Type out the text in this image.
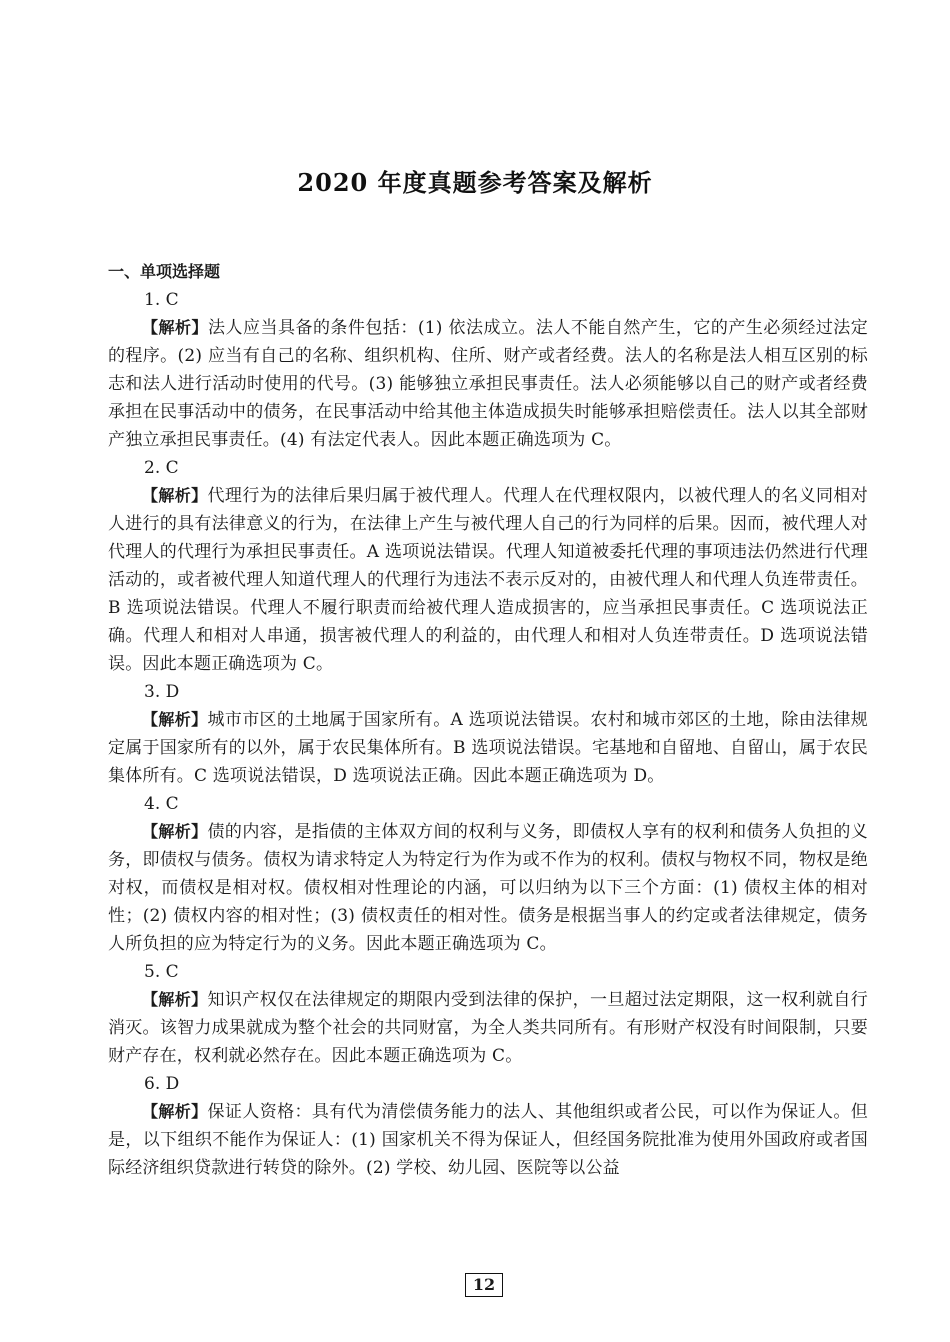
2020 年度真题参考答案及解析
一、单项选择题
1. C

【解析】法人应当具备的条件包括：(1) 依法成立。法人不能自然产生，它的产生必须经过法定的程序。(2) 应当有自己的名称、组织机构、住所、财产或者经费。法人的名称是法人相互区别的标志和法人进行活动时使用的代号。(3) 能够独立承担民事责任。法人必须能够以自己的财产或者经费承担在民事活动中的债务，在民事活动中给其他主体造成损失时能够承担赔偿责任。法人以其全部财产独立承担民事责任。(4) 有法定代表人。因此本题正确选项为 C。

2. C

【解析】代理行为的法律后果归属于被代理人。代理人在代理权限内，以被代理人的名义同相对人进行的具有法律意义的行为，在法律上产生与被代理人自己的行为同样的后果。因而，被代理人对代理人的代理行为承担民事责任。A 选项说法错误。代理人知道被委托代理的事项违法仍然进行代理活动的，或者被代理人知道代理人的代理行为违法不表示反对的，由被代理人和代理人负连带责任。B 选项说法错误。代理人不履行职责而给被代理人造成损害的，应当承担民事责任。C 选项说法正确。代理人和相对人串通，损害被代理人的利益的，由代理人和相对人负连带责任。D 选项说法错误。因此本题正确选项为 C。

3. D

【解析】城市市区的土地属于国家所有。A 选项说法错误。农村和城市郊区的土地，除由法律规定属于国家所有的以外，属于农民集体所有。B 选项说法错误。宅基地和自留地、自留山，属于农民集体所有。C 选项说法错误，D 选项说法正确。因此本题正确选项为 D。

4. C

【解析】债的内容，是指债的主体双方间的权利与义务，即债权人享有的权利和债务人负担的义务，即债权与债务。债权为请求特定人为特定行为作为或不作为的权利。债权与物权不同，物权是绝对权，而债权是相对权。债权相对性理论的内涵，可以归纳为以下三个方面：(1) 债权主体的相对性；(2) 债权内容的相对性；(3) 债权责任的相对性。债务是根据当事人的约定或者法律规定，债务人所负担的应为特定行为的义务。因此本题正确选项为 C。

5. C

【解析】知识产权仅在法律规定的期限内受到法律的保护，一旦超过法定期限，这一权利就自行消灭。该智力成果就成为整个社会的共同财富，为全人类共同所有。有形财产权没有时间限制，只要财产存在，权利就必然存在。因此本题正确选项为 C。

6. D

【解析】保证人资格：具有代为清偿债务能力的法人、其他组织或者公民，可以作为保证人。但是，以下组织不能作为保证人：(1) 国家机关不得为保证人，但经国务院批准为使用外国政府或者国际经济组织贷款进行转贷的除外。(2) 学校、幼儿园、医院等以公益

12
